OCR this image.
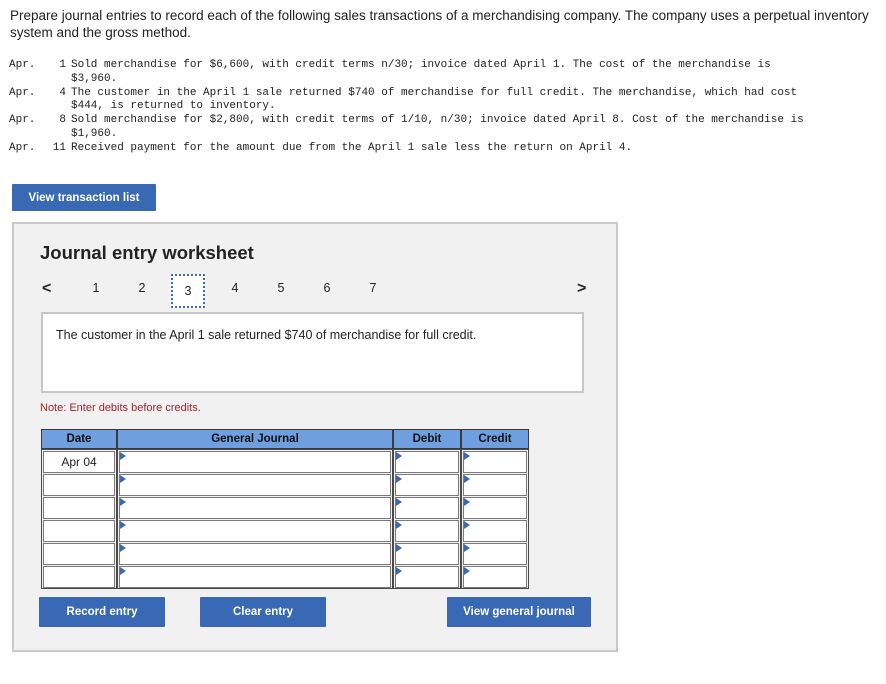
Prepare journal entries to record each of the following sales transactions of a merchandising company. The company uses a perpetual inventory system and the gross method.
Apr.	1 Sold merchandise for $6,600, with credit terms n/30; invoice dated April 1. The cost of the merchandise is
$3,960.
Apr.	4 The customer in the April 1 sale returned $740 of merchandise for full credit. The merchandise, which had cost
$444, is returned to inventory.
Apr.	8 Sold merchandise for $2,800, with credit terms of 1/10, n/30; invoice dated April 8. Cost of the merchandise is
$1,960.
Apr.	11 Received payment for the amount due from the April 1 sale less the return on April 4.
View transaction list
Journal entry worksheet
<	>
1	2	3	4	5	6	7
The customer in the April 1 sale returned $740 of merchandise for full credit.
Note: Enter debits before credits.
Date	General Journal	Debit	Credit
Apr 04
Record entry	Clear entry	View general journal
